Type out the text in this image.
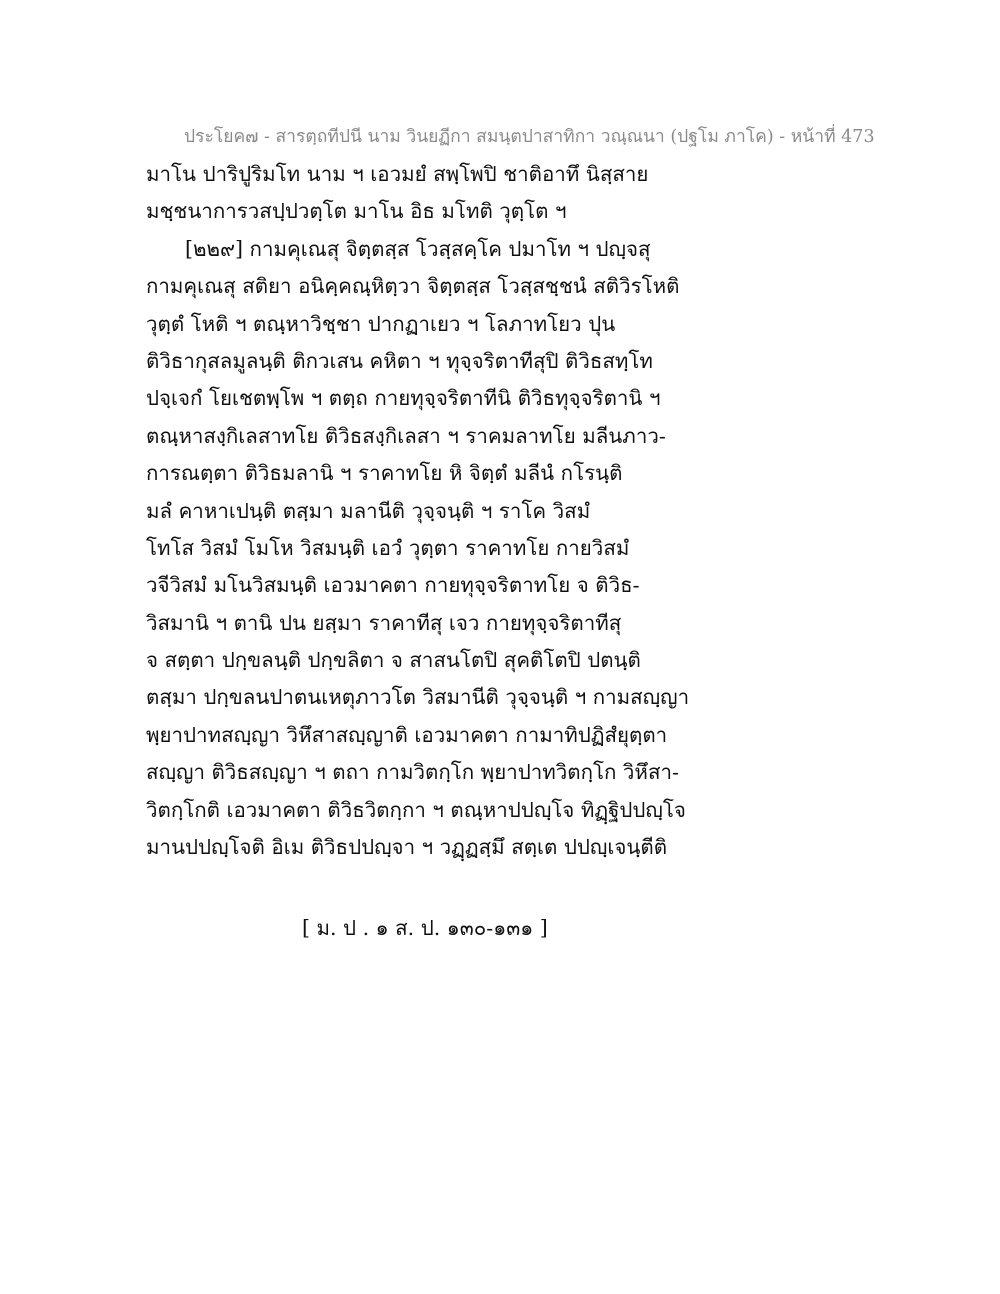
ประโยค๗ - สารตฺถทีปนี นาม วินยฏีกา สมนฺตปาสาทิกา วณฺณนา (ปฐโม ภาโค) - หน้าที่ 473
มาโน ปาริปูริมโท นาม ฯ เอวมยํ สพฺโพปิ ชาติอาทึ นิสฺสาย
มชฺชนาการวสปฺปวตฺโต มาโน อิธ มโทติ วุตฺโต ฯ
[๒๒๙] กามคุเณสุ จิตฺตสฺส โวสฺสคฺโค ปมาโท ฯ ปญฺจสุ
กามคุเณสุ สติยา อนิคฺคณฺหิตฺวา จิตฺตสฺส โวสฺสชฺชนํ สติวิรโหติ
วุตฺตํ โหติ ฯ ตณฺหาวิชฺชา ปากฏาเยว ฯ โลภาทโยว ปุน
ติวิธากุสลมูลนฺติ ติกวเสน คหิตา ฯ ทุจฺจริตาทีสุปิ ติวิธสทฺโท
ปจฺเจกํ โยเชตพฺโพ ฯ ตตฺถ กายทุจฺจริตาทีนิ ติวิธทุจฺจริตานิ ฯ
ตณฺหาสงฺกิเลสาทโย ติวิธสงฺกิเลสา ฯ ราคมลาทโย มลีนภาว-
การณตฺตา ติวิธมลานิ ฯ ราคาทโย หิ จิตฺตํ มลีนํ กโรนฺติ
มลํ คาหาเปนฺติ ตสฺมา มลานีติ วุจฺจนฺติ ฯ ราโค วิสมํ
โทโส วิสมํ โมโห วิสมนฺติ เอวํ วุตฺตา ราคาทโย กายวิสมํ
วจีวิสมํ มโนวิสมนฺติ เอวมาคตา กายทุจฺจริตาทโย จ ติวิธ-
วิสมานิ ฯ ตานิ ปน ยสฺมา ราคาทีสุ เจว กายทุจฺจริตาทีสุ
จ สตฺตา ปกฺขลนฺติ ปกฺขลิตา จ สาสนโตปิ สุคติโตปิ ปตนฺติ
ตสฺมา ปกฺขลนปาตนเหตุภาวโต วิสมานีติ วุจฺจนฺติ ฯ กามสญฺญา
พฺยาปาทสญฺญา วิหึสาสญฺญาติ เอวมาคตา กามาทิปฏิสํยุตฺตา
สญฺญา ติวิธสญฺญา ฯ ตถา กามวิตกฺโก พฺยาปาทวิตกฺโก วิหึสา-
วิตกฺโกติ เอวมาคตา ติวิธวิตกฺกา ฯ ตณฺหาปปญฺโจ ทิฏฺฐิปปญฺโจ
มานปปญฺโจติ อิเม ติวิธปปญฺจา ฯ วฏฺฏสฺมึ สตฺเต ปปญฺเจนฺตีติ
[ ม. ป . ๑ ส. ป. ๑๓๐-๑๓๑ ]
